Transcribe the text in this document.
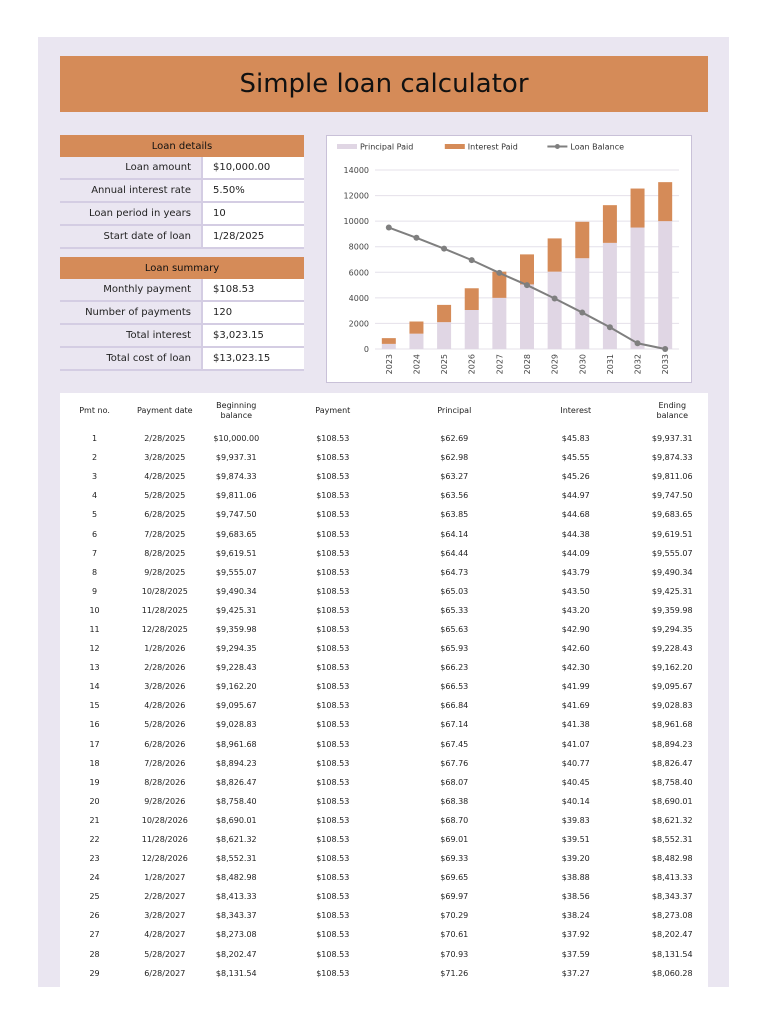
Simple loan calculator
Loan details
Loan amount	$10,000.00
Annual interest rate	5.50%
Loan period in years	10
Start date of loan	1/28/2025
Loan summary
Monthly payment	$108.53
Number of payments	120
Total interest	$3,023.15
Total cost of loan	$13,023.15
0
2000
4000
6000
8000
10000
12000
14000
2023 2024 2025 2026 2027 2028 2029 2030 2031 2032 2033
Principal Paid	Interest Paid	Loan Balance
Pmt no.	Payment date	Beginning balance	Payment	Principal	Interest	Ending balance

1	2/28/2025	$10,000.00	$108.53	$62.69	$45.83	$9,937.31
2	3/28/2025	$9,937.31	$108.53	$62.98	$45.55	$9,874.33
3	4/28/2025	$9,874.33	$108.53	$63.27	$45.26	$9,811.06
4	5/28/2025	$9,811.06	$108.53	$63.56	$44.97	$9,747.50
5	6/28/2025	$9,747.50	$108.53	$63.85	$44.68	$9,683.65
6	7/28/2025	$9,683.65	$108.53	$64.14	$44.38	$9,619.51
7	8/28/2025	$9,619.51	$108.53	$64.44	$44.09	$9,555.07
8	9/28/2025	$9,555.07	$108.53	$64.73	$43.79	$9,490.34
9	10/28/2025	$9,490.34	$108.53	$65.03	$43.50	$9,425.31
10	11/28/2025	$9,425.31	$108.53	$65.33	$43.20	$9,359.98
11	12/28/2025	$9,359.98	$108.53	$65.63	$42.90	$9,294.35
12	1/28/2026	$9,294.35	$108.53	$65.93	$42.60	$9,228.43
13	2/28/2026	$9,228.43	$108.53	$66.23	$42.30	$9,162.20
14	3/28/2026	$9,162.20	$108.53	$66.53	$41.99	$9,095.67
15	4/28/2026	$9,095.67	$108.53	$66.84	$41.69	$9,028.83
16	5/28/2026	$9,028.83	$108.53	$67.14	$41.38	$8,961.68
17	6/28/2026	$8,961.68	$108.53	$67.45	$41.07	$8,894.23
18	7/28/2026	$8,894.23	$108.53	$67.76	$40.77	$8,826.47
19	8/28/2026	$8,826.47	$108.53	$68.07	$40.45	$8,758.40
20	9/28/2026	$8,758.40	$108.53	$68.38	$40.14	$8,690.01
21	10/28/2026	$8,690.01	$108.53	$68.70	$39.83	$8,621.32
22	11/28/2026	$8,621.32	$108.53	$69.01	$39.51	$8,552.31
23	12/28/2026	$8,552.31	$108.53	$69.33	$39.20	$8,482.98
24	1/28/2027	$8,482.98	$108.53	$69.65	$38.88	$8,413.33
25	2/28/2027	$8,413.33	$108.53	$69.97	$38.56	$8,343.37
26	3/28/2027	$8,343.37	$108.53	$70.29	$38.24	$8,273.08
27	4/28/2027	$8,273.08	$108.53	$70.61	$37.92	$8,202.47
28	5/28/2027	$8,202.47	$108.53	$70.93	$37.59	$8,131.54
29	6/28/2027	$8,131.54	$108.53	$71.26	$37.27	$8,060.28
